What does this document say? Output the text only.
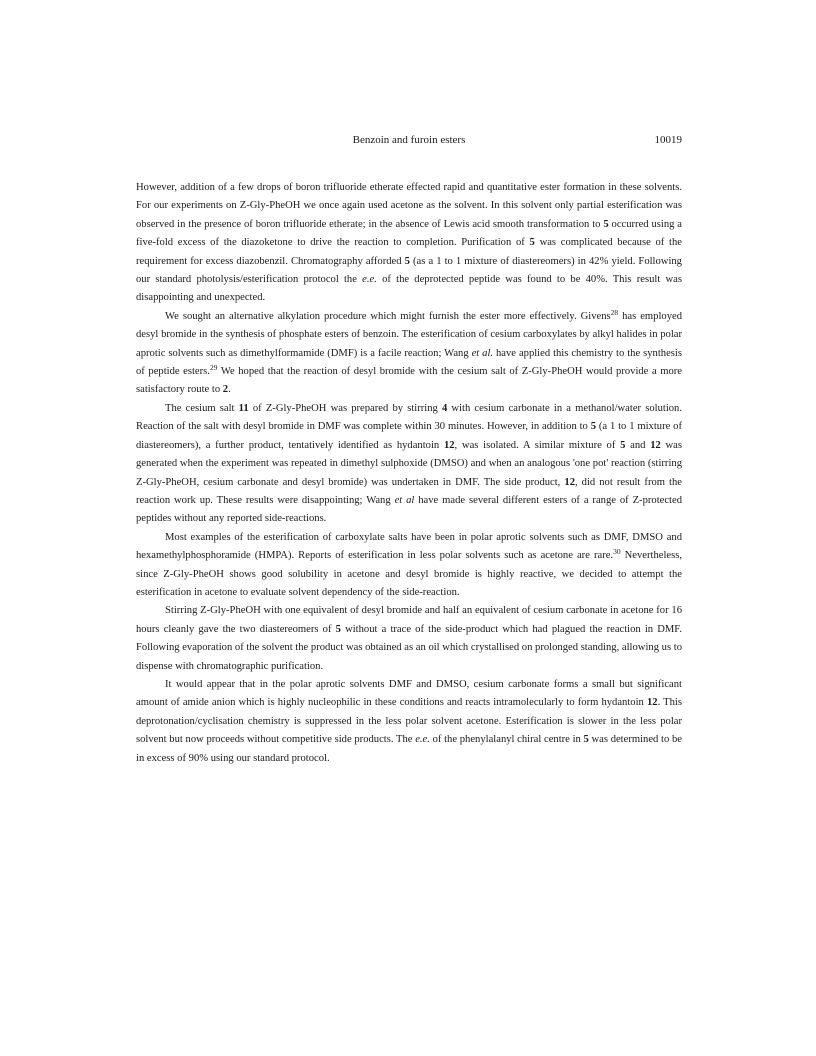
Benzoin and furoin esters	10019

However, addition of a few drops of boron trifluoride etherate effected rapid and quantitative ester formation in these solvents. For our experiments on Z-Gly-PheOH we once again used acetone as the solvent. In this solvent only partial esterification was observed in the presence of boron trifluoride etherate; in the absence of Lewis acid smooth transformation to 5 occurred using a five-fold excess of the diazoketone to drive the reaction to completion. Purification of 5 was complicated because of the requirement for excess diazobenzil. Chromatography afforded 5 (as a 1 to 1 mixture of diastereomers) in 42% yield. Following our standard photolysis/esterification protocol the e.e. of the deprotected peptide was found to be 40%. This result was disappointing and unexpected.

We sought an alternative alkylation procedure which might furnish the ester more effectively. Givens$^{28}$ has employed desyl bromide in the synthesis of phosphate esters of benzoin. The esterification of cesium carboxylates by alkyl halides in polar aprotic solvents such as dimethylformamide (DMF) is a facile reaction; Wang et al. have applied this chemistry to the synthesis of peptide esters.$^{29}$ We hoped that the reaction of desyl bromide with the cesium salt of Z-Gly-PheOH would provide a more satisfactory route to 2.

The cesium salt 11 of Z-Gly-PheOH was prepared by stirring 4 with cesium carbonate in a methanol/water solution. Reaction of the salt with desyl bromide in DMF was complete within 30 minutes. However, in addition to 5 (a 1 to 1 mixture of diastereomers), a further product, tentatively identified as hydantoin 12, was isolated. A similar mixture of 5 and 12 was generated when the experiment was repeated in dimethyl sulphoxide (DMSO) and when an analogous 'one pot' reaction (stirring Z-Gly-PheOH, cesium carbonate and desyl bromide) was undertaken in DMF. The side product, 12, did not result from the reaction work up. These results were disappointing; Wang et al have made several different esters of a range of Z-protected peptides without any reported side-reactions.

Most examples of the esterification of carboxylate salts have been in polar aprotic solvents such as DMF, DMSO and hexamethylphosphoramide (HMPA). Reports of esterification in less polar solvents such as acetone are rare.$^{30}$ Nevertheless, since Z-Gly-PheOH shows good solubility in acetone and desyl bromide is highly reactive, we decided to attempt the esterification in acetone to evaluate solvent dependency of the side-reaction.

Stirring Z-Gly-PheOH with one equivalent of desyl bromide and half an equivalent of cesium carbonate in acetone for 16 hours cleanly gave the two diastereomers of 5 without a trace of the side-product which had plagued the reaction in DMF. Following evaporation of the solvent the product was obtained as an oil which crystallised on prolonged standing, allowing us to dispense with chromatographic purification.

It would appear that in the polar aprotic solvents DMF and DMSO, cesium carbonate forms a small but significant amount of amide anion which is highly nucleophilic in these conditions and reacts intramolecularly to form hydantoin 12. This deprotonation/cyclisation chemistry is suppressed in the less polar solvent acetone. Esterification is slower in the less polar solvent but now proceeds without competitive side products. The e.e. of the phenylalanyl chiral centre in 5 was determined to be in excess of 90% using our standard protocol.
